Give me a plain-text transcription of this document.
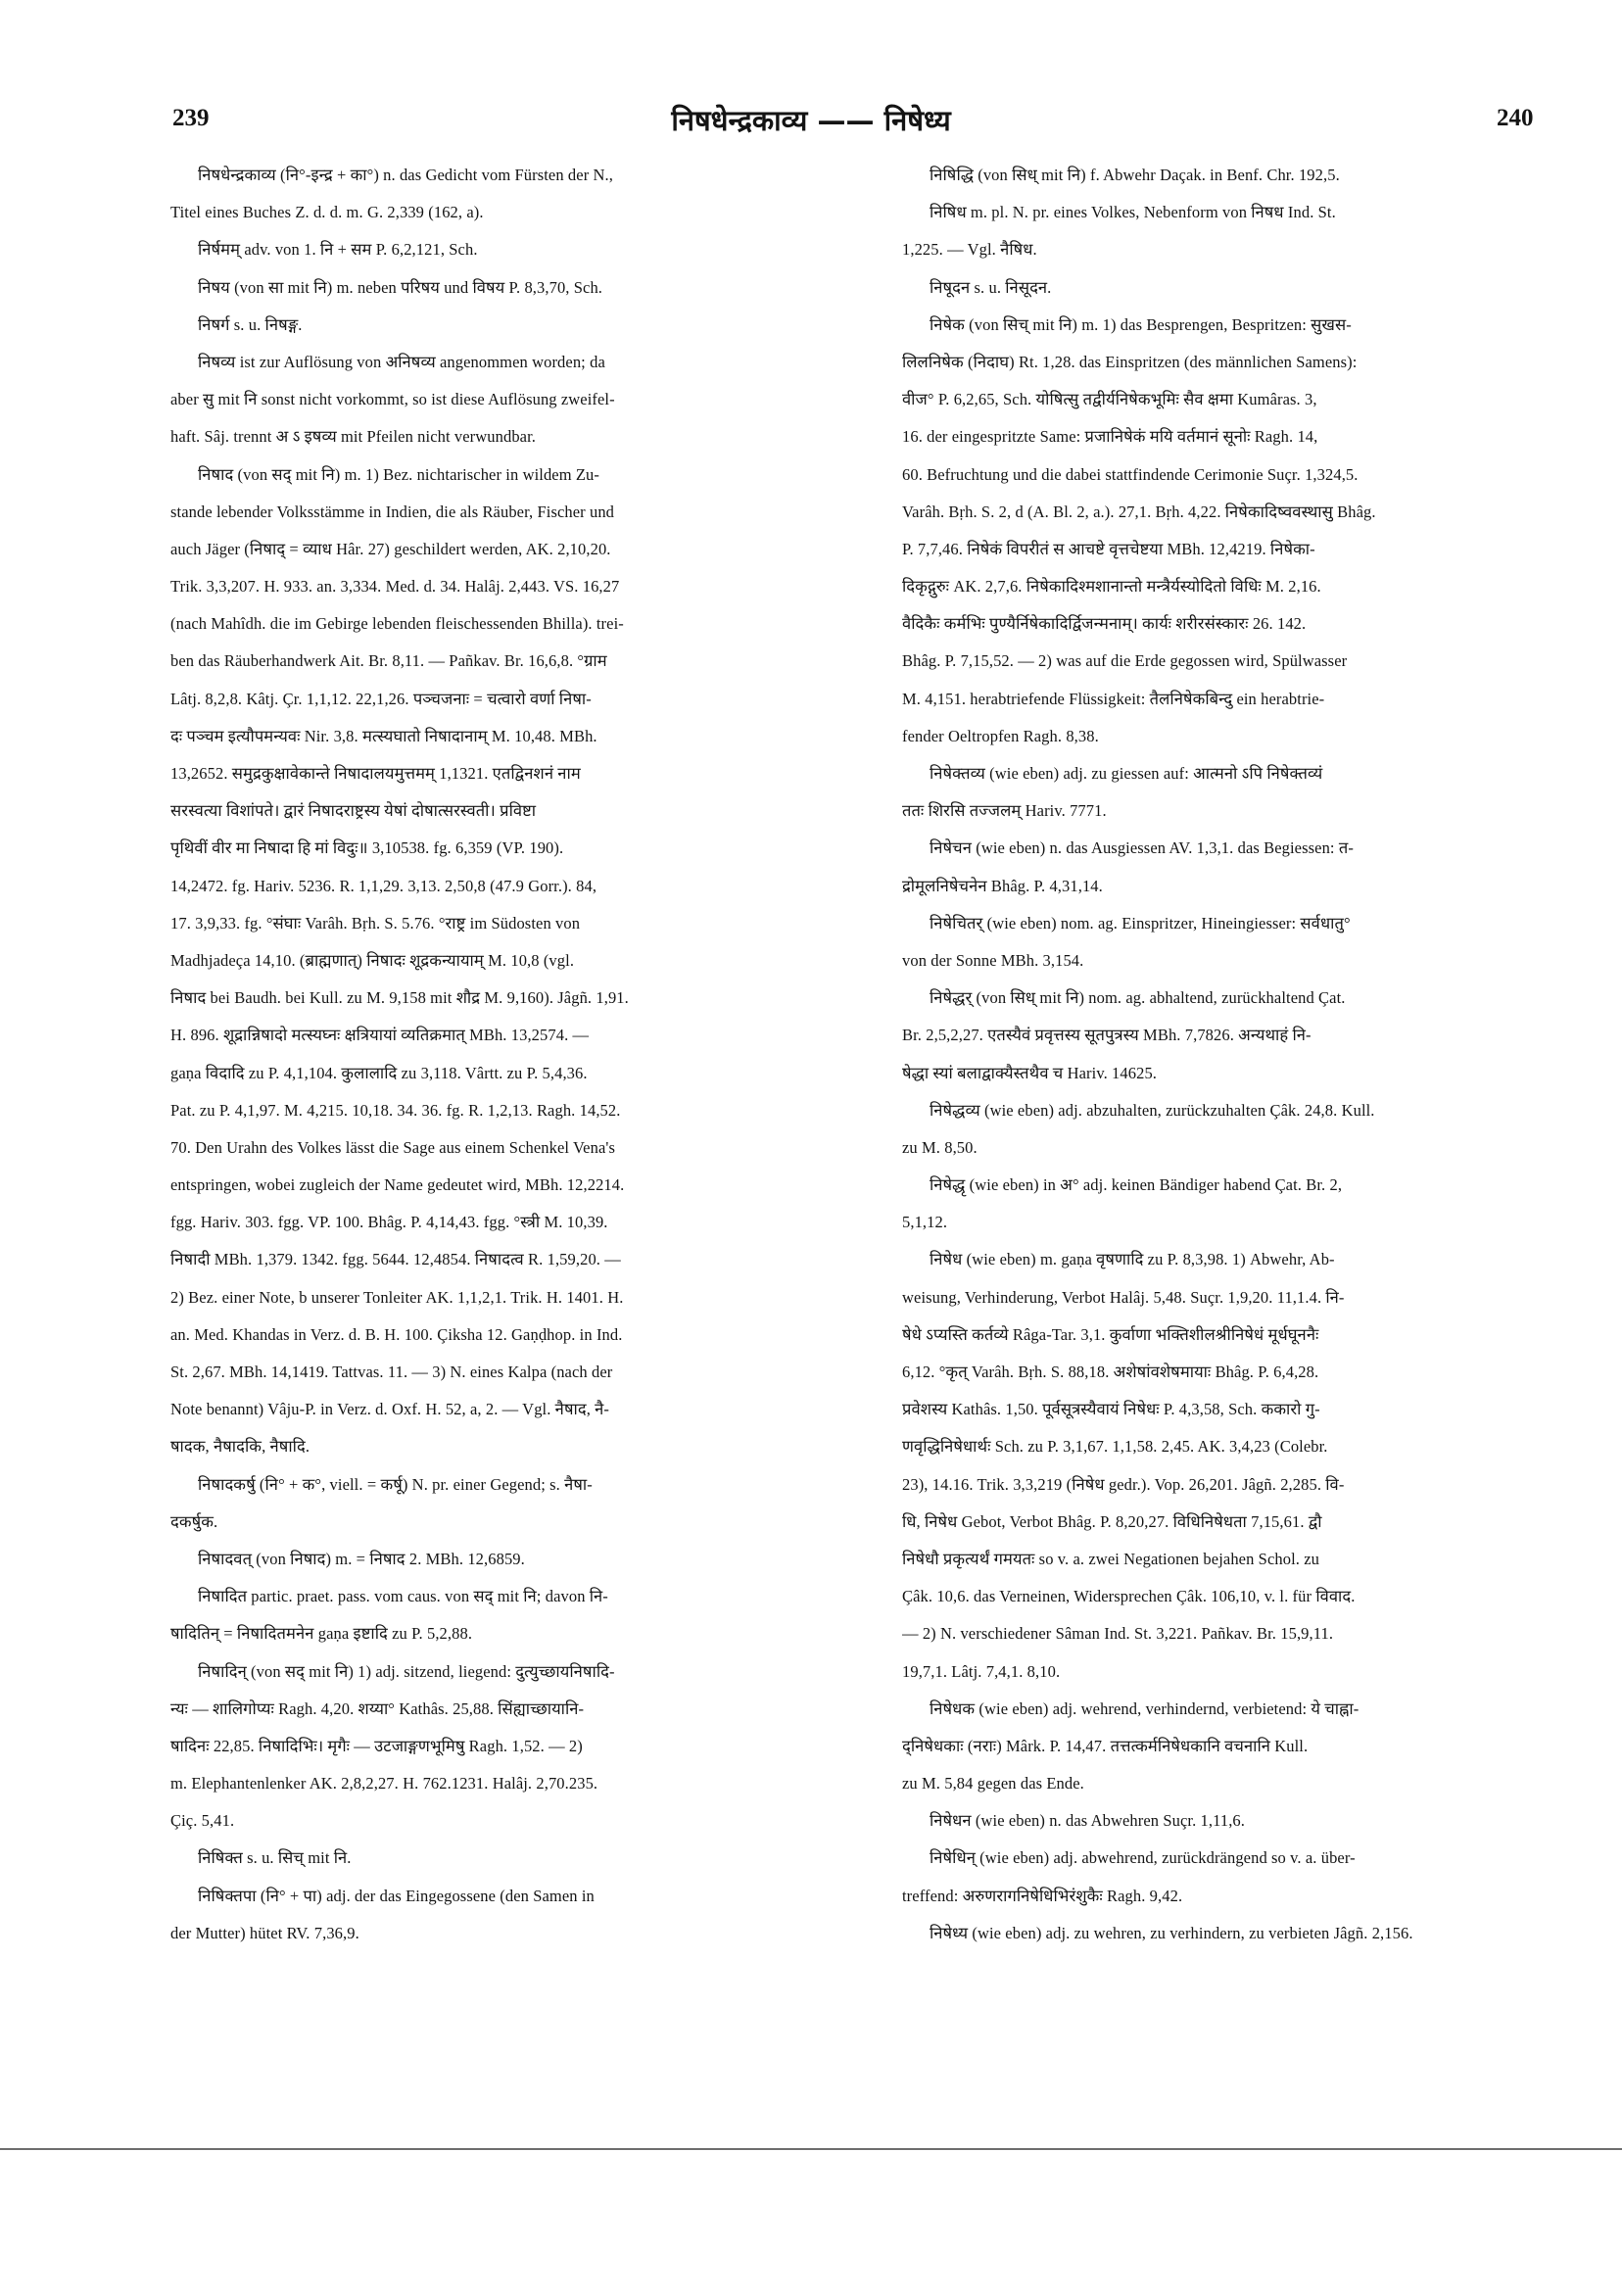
239	निषधेन्द्रकाव्य —— निषेध्य	240

निषधेन्द्रकाव्य (नि°-इन्द्र + का°) n. das Gedicht vom Fürsten der N.,

Titel eines Buches Z. d. d. m. G. 2,339 (162, a).

निर्षमम् adv. von 1. नि + सम P. 6,2,121, Sch.

निषय (von सा mit नि) m. neben परिषय und विषय P. 8,3,70, Sch.

निषर्ग s. u. निषङ्ग.

निषव्य ist zur Auflösung von अनिषव्य angenommen worden; da

aber सु mit नि sonst nicht vorkommt, so ist diese Auflösung zweifel-

haft. Sâj. trennt अ ऽ इषव्य mit Pfeilen nicht verwundbar.

निषाद (von सद् mit नि) m. 1) Bez. nichtarischer in wildem Zu-

stande lebender Volksstämme in Indien, die als Räuber, Fischer und

auch Jäger (निषाद् = व्याध Hâr. 27) geschildert werden, AK. 2,10,20.

Trik. 3,3,207. H. 933. an. 3,334. Med. d. 34. Halâj. 2,443. VS. 16,27

(nach Mahîdh. die im Gebirge lebenden fleischessenden Bhilla). trei-

ben das Räuberhandwerk Ait. Br. 8,11. — Pañkav. Br. 16,6,8. °ग्राम

Lâtj. 8,2,8. Kâtj. Çr. 1,1,12. 22,1,26. पञ्चजनाः = चत्वारो वर्णा निषा-

दः पञ्चम इत्यौपमन्यवः Nir. 3,8. मत्स्यघातो निषादानाम् M. 10,48. MBh.

13,2652. समुद्रकुक्षावेकान्ते निषादालयमुत्तमम् 1,1321. एतद्विनशनं नाम

सरस्वत्या विशांपते। द्वारं निषादराष्ट्रस्य येषां दोषात्सरस्वती। प्रविष्टा

पृथिवीं वीर मा निषादा हि मां विदुः॥ 3,10538. fg. 6,359 (VP. 190).

14,2472. fg. Hariv. 5236. R. 1,1,29. 3,13. 2,50,8 (47.9 Gorr.). 84,

17. 3,9,33. fg. °संघाः Varâh. Bṛh. S. 5.76. °राष्ट्र im Südosten von

Madhjadeça 14,10. (ब्राह्मणात्) निषादः शूद्रकन्यायाम् M. 10,8 (vgl.

निषाद bei Baudh. bei Kull. zu M. 9,158 mit शौद्र M. 9,160). Jâgñ. 1,91.

H. 896. शूद्रान्निषादो मत्स्यघ्नः क्षत्रियायां व्यतिक्रमात् MBh. 13,2574. —

gaṇa विदादि zu P. 4,1,104. कुलालादि zu 3,118. Vârtt. zu P. 5,4,36.

Pat. zu P. 4,1,97. M. 4,215. 10,18. 34. 36. fg. R. 1,2,13. Ragh. 14,52.

70. Den Urahn des Volkes lässt die Sage aus einem Schenkel Vena's

entspringen, wobei zugleich der Name gedeutet wird, MBh. 12,2214.

fgg. Hariv. 303. fgg. VP. 100. Bhâg. P. 4,14,43. fgg. °स्त्री M. 10,39.

निषादी MBh. 1,379. 1342. fgg. 5644. 12,4854. निषादत्व R. 1,59,20. —

2) Bez. einer Note, b unserer Tonleiter AK. 1,1,2,1. Trik. H. 1401. H.

an. Med. Khandas in Verz. d. B. H. 100. Çiksha 12. Gaṇḍhop. in Ind.

St. 2,67. MBh. 14,1419. Tattvas. 11. — 3) N. eines Kalpa (nach der

Note benannt) Vâju-P. in Verz. d. Oxf. H. 52, a, 2. — Vgl. नैषाद, नै-

षादक, नैषादकि, नैषादि.

निषादकर्षु (नि° + क°, viell. = कर्षू) N. pr. einer Gegend; s. नैषा-

दकर्षुक.

निषादवत् (von निषाद) m. = निषाद 2. MBh. 12,6859.

निषादित partic. praet. pass. vom caus. von सद् mit नि; davon नि-

षादितिन् = निषादितमनेन gaṇa इष्टादि zu P. 5,2,88.

निषादिन् (von सद् mit नि) 1) adj. sitzend, liegend: दुत्युच्छायनिषादि-

न्यः — शालिगोप्यः Ragh. 4,20. शय्या° Kathâs. 25,88. सिंह्याच्छायानि-

षादिनः 22,85. निषादिभिः। मृगैः — उटजाङ्गणभूमिषु Ragh. 1,52. — 2)

m. Elephantenlenker AK. 2,8,2,27. H. 762.1231. Halâj. 2,70.235.

Çiç. 5,41.

निषिक्त s. u. सिच् mit नि.

निषिक्तपा (नि° + पा) adj. der das Eingegossene (den Samen in

der Mutter) hütet RV. 7,36,9.

निषिद्धि (von सिध् mit नि) f. Abwehr Daçak. in Benf. Chr. 192,5.

निषिध m. pl. N. pr. eines Volkes, Nebenform von निषध Ind. St.

1,225. — Vgl. नैषिध.

निषूदन s. u. निसूदन.

निषेक (von सिच् mit नि) m. 1) das Besprengen, Bespritzen: सुखस-

लिलनिषेक (निदाघ) Rt. 1,28. das Einspritzen (des männlichen Samens):

वीज° P. 6,2,65, Sch. योषित्सु तद्वीर्यनिषेकभूमिः सैव क्षमा Kumâras. 3,

16. der eingespritzte Same: प्रजानिषेकं मयि वर्तमानं सूनोः Ragh. 14,

60. Befruchtung und die dabei stattfindende Cerimonie Suçr. 1,324,5.

Varâh. Bṛh. S. 2, d (A. Bl. 2, a.). 27,1. Bṛh. 4,22. निषेकादिष्ववस्थासु Bhâg.

P. 7,7,46. निषेकं विपरीतं स आचष्टे वृत्तचेष्टया MBh. 12,4219. निषेका-

दिकृद्गुरुः AK. 2,7,6. निषेकादिश्मशानान्तो मन्त्रैर्यस्योदितो विधिः M. 2,16.

वैदिकैः कर्मभिः पुण्यैर्निषेकादिर्द्विजन्मनाम्। कार्यः शरीरसंस्कारः 26. 142.

Bhâg. P. 7,15,52. — 2) was auf die Erde gegossen wird, Spülwasser

M. 4,151. herabtriefende Flüssigkeit: तैलनिषेकबिन्दु ein herabtrie-

fender Oeltropfen Ragh. 8,38.

निषेक्तव्य (wie eben) adj. zu giessen auf: आत्मनो ऽपि निषेक्तव्यं

ततः शिरसि तज्जलम् Hariv. 7771.

निषेचन (wie eben) n. das Ausgiessen AV. 1,3,1. das Begiessen: त-

द्रोमूलनिषेचनेन Bhâg. P. 4,31,14.

निषेचितर् (wie eben) nom. ag. Einspritzer, Hineingiesser: सर्वधातु°

von der Sonne MBh. 3,154.

निषेद्धर् (von सिध् mit नि) nom. ag. abhaltend, zurückhaltend Çat.

Br. 2,5,2,27. एतस्यैवं प्रवृत्तस्य सूतपुत्रस्य MBh. 7,7826. अन्यथाहं नि-

षेद्धा स्यां बलाद्वाक्यैस्तथैव च Hariv. 14625.

निषेद्धव्य (wie eben) adj. abzuhalten, zurückzuhalten Çâk. 24,8. Kull.

zu M. 8,50.

निषेद्धृ (wie eben) in अ° adj. keinen Bändiger habend Çat. Br. 2,

5,1,12.

निषेध (wie eben) m. gaṇa वृषणादि zu P. 8,3,98. 1) Abwehr, Ab-

weisung, Verhinderung, Verbot Halâj. 5,48. Suçr. 1,9,20. 11,1.4. नि-

षेधे ऽप्यस्ति कर्तव्ये Râga-Tar. 3,1. कुर्वाणा भक्तिशीलश्रीनिषेधं मूर्धघूननैः

6,12. °कृत् Varâh. Bṛh. S. 88,18. अशेषांवशेषमायाः Bhâg. P. 6,4,28.

प्रवेशस्य Kathâs. 1,50. पूर्वसूत्रस्यैवायं निषेधः P. 4,3,58, Sch. ककारो गु-

णवृद्धिनिषेधार्थः Sch. zu P. 3,1,67. 1,1,58. 2,45. AK. 3,4,23 (Colebr.

23), 14.16. Trik. 3,3,219 (निषेध gedr.). Vop. 26,201. Jâgñ. 2,285. वि-

धि, निषेध Gebot, Verbot Bhâg. P. 8,20,27. विधिनिषेधता 7,15,61. द्वौ

निषेधौ प्रकृत्यर्थं गमयतः so v. a. zwei Negationen bejahen Schol. zu

Çâk. 10,6. das Verneinen, Widersprechen Çâk. 106,10, v. l. für विवाद.

— 2) N. verschiedener Sâman Ind. St. 3,221. Pañkav. Br. 15,9,11.

19,7,1. Lâtj. 7,4,1. 8,10.

निषेधक (wie eben) adj. wehrend, verhindernd, verbietend: ये चाह्ना-

द्निषेधकाः (नराः) Mârk. P. 14,47. तत्तत्कर्मनिषेधकानि वचनानि Kull.

zu M. 5,84 gegen das Ende.

निषेधन (wie eben) n. das Abwehren Suçr. 1,11,6.

निषेधिन् (wie eben) adj. abwehrend, zurückdrängend so v. a. über-

treffend: अरुणरागनिषेधिभिरंशुकैः Ragh. 9,42.

निषेध्य (wie eben) adj. zu wehren, zu verhindern, zu verbieten Jâgñ. 2,156.
